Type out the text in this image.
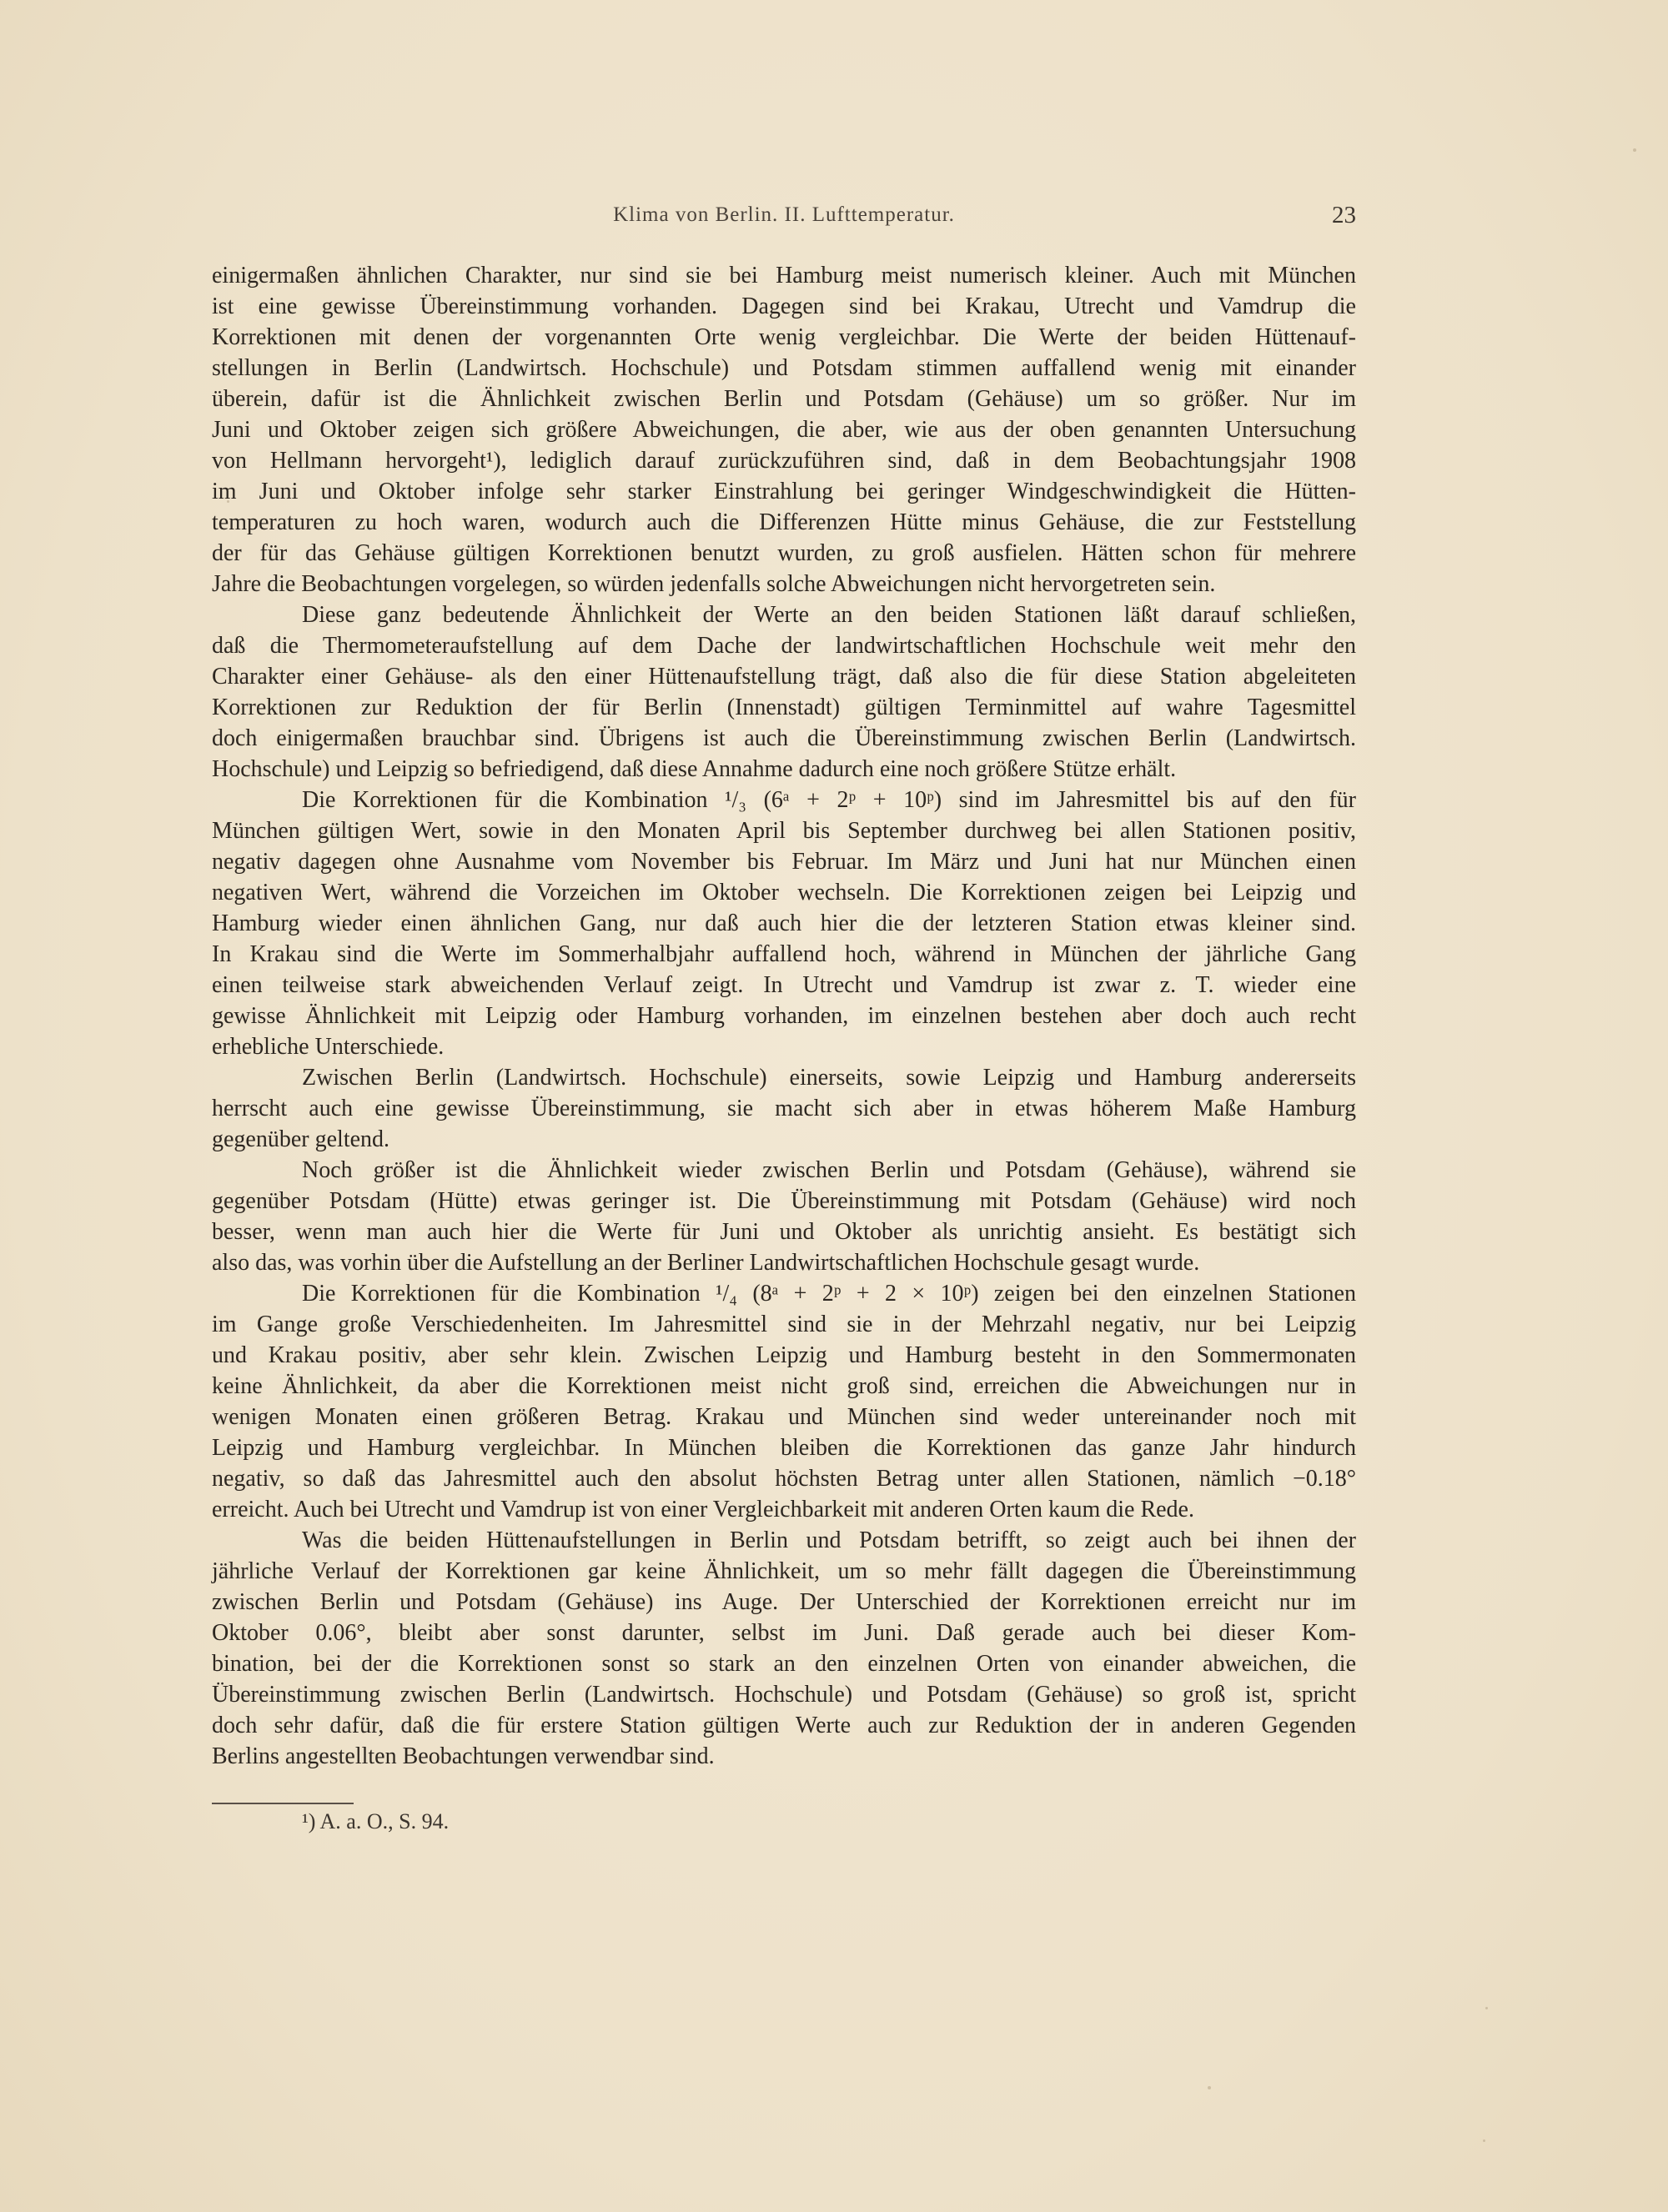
Klima von Berlin. II. Lufttemperatur.	23
einigermaßen ähnlichen Charakter, nur sind sie bei Hamburg meist numerisch kleiner. Auch mit München
ist eine gewisse Übereinstimmung vorhanden. Dagegen sind bei Krakau, Utrecht und Vamdrup die
Korrektionen mit denen der vorgenannten Orte wenig vergleichbar. Die Werte der beiden Hüttenauf-
stellungen in Berlin (Landwirtsch. Hochschule) und Potsdam stimmen auffallend wenig mit einander
überein, dafür ist die Ähnlichkeit zwischen Berlin und Potsdam (Gehäuse) um so größer. Nur im
Juni und Oktober zeigen sich größere Abweichungen, die aber, wie aus der oben genannten Untersuchung
von Hellmann hervorgeht¹), lediglich darauf zurückzuführen sind, daß in dem Beobachtungsjahr 1908
im Juni und Oktober infolge sehr starker Einstrahlung bei geringer Windgeschwindigkeit die Hütten-
temperaturen zu hoch waren, wodurch auch die Differenzen Hütte minus Gehäuse, die zur Feststellung
der für das Gehäuse gültigen Korrektionen benutzt wurden, zu groß ausfielen. Hätten schon für mehrere
Jahre die Beobachtungen vorgelegen, so würden jedenfalls solche Abweichungen nicht hervorgetreten sein.
Diese ganz bedeutende Ähnlichkeit der Werte an den beiden Stationen läßt darauf schließen,
daß die Thermometeraufstellung auf dem Dache der landwirtschaftlichen Hochschule weit mehr den
Charakter einer Gehäuse- als den einer Hüttenaufstellung trägt, daß also die für diese Station abgeleiteten
Korrektionen zur Reduktion der für Berlin (Innenstadt) gültigen Terminmittel auf wahre Tagesmittel
doch einigermaßen brauchbar sind. Übrigens ist auch die Übereinstimmung zwischen Berlin (Landwirtsch.
Hochschule) und Leipzig so befriedigend, daß diese Annahme dadurch eine noch größere Stütze erhält.
Die Korrektionen für die Kombination ¹/₃ (6ᵃ + 2ᵖ + 10ᵖ) sind im Jahresmittel bis auf den für
München gültigen Wert, sowie in den Monaten April bis September durchweg bei allen Stationen positiv,
negativ dagegen ohne Ausnahme vom November bis Februar. Im März und Juni hat nur München einen
negativen Wert, während die Vorzeichen im Oktober wechseln. Die Korrektionen zeigen bei Leipzig und
Hamburg wieder einen ähnlichen Gang, nur daß auch hier die der letzteren Station etwas kleiner sind.
In Krakau sind die Werte im Sommerhalbjahr auffallend hoch, während in München der jährliche Gang
einen teilweise stark abweichenden Verlauf zeigt. In Utrecht und Vamdrup ist zwar z. T. wieder eine
gewisse Ähnlichkeit mit Leipzig oder Hamburg vorhanden, im einzelnen bestehen aber doch auch recht
erhebliche Unterschiede.
Zwischen Berlin (Landwirtsch. Hochschule) einerseits, sowie Leipzig und Hamburg andererseits
herrscht auch eine gewisse Übereinstimmung, sie macht sich aber in etwas höherem Maße Hamburg
gegenüber geltend.
Noch größer ist die Ähnlichkeit wieder zwischen Berlin und Potsdam (Gehäuse), während sie
gegenüber Potsdam (Hütte) etwas geringer ist. Die Übereinstimmung mit Potsdam (Gehäuse) wird noch
besser, wenn man auch hier die Werte für Juni und Oktober als unrichtig ansieht. Es bestätigt sich
also das, was vorhin über die Aufstellung an der Berliner Landwirtschaftlichen Hochschule gesagt wurde.
Die Korrektionen für die Kombination ¹/₄ (8ᵃ + 2ᵖ + 2 × 10ᵖ) zeigen bei den einzelnen Stationen
im Gange große Verschiedenheiten. Im Jahresmittel sind sie in der Mehrzahl negativ, nur bei Leipzig
und Krakau positiv, aber sehr klein. Zwischen Leipzig und Hamburg besteht in den Sommermonaten
keine Ähnlichkeit, da aber die Korrektionen meist nicht groß sind, erreichen die Abweichungen nur in
wenigen Monaten einen größeren Betrag. Krakau und München sind weder untereinander noch mit
Leipzig und Hamburg vergleichbar. In München bleiben die Korrektionen das ganze Jahr hindurch
negativ, so daß das Jahresmittel auch den absolut höchsten Betrag unter allen Stationen, nämlich −0.18°
erreicht. Auch bei Utrecht und Vamdrup ist von einer Vergleichbarkeit mit anderen Orten kaum die Rede.
Was die beiden Hüttenaufstellungen in Berlin und Potsdam betrifft, so zeigt auch bei ihnen der
jährliche Verlauf der Korrektionen gar keine Ähnlichkeit, um so mehr fällt dagegen die Übereinstimmung
zwischen Berlin und Potsdam (Gehäuse) ins Auge. Der Unterschied der Korrektionen erreicht nur im
Oktober 0.06°, bleibt aber sonst darunter, selbst im Juni. Daß gerade auch bei dieser Kom-
bination, bei der die Korrektionen sonst so stark an den einzelnen Orten von einander abweichen, die
Übereinstimmung zwischen Berlin (Landwirtsch. Hochschule) und Potsdam (Gehäuse) so groß ist, spricht
doch sehr dafür, daß die für erstere Station gültigen Werte auch zur Reduktion der in anderen Gegenden
Berlins angestellten Beobachtungen verwendbar sind.
¹) A. a. O., S. 94.
